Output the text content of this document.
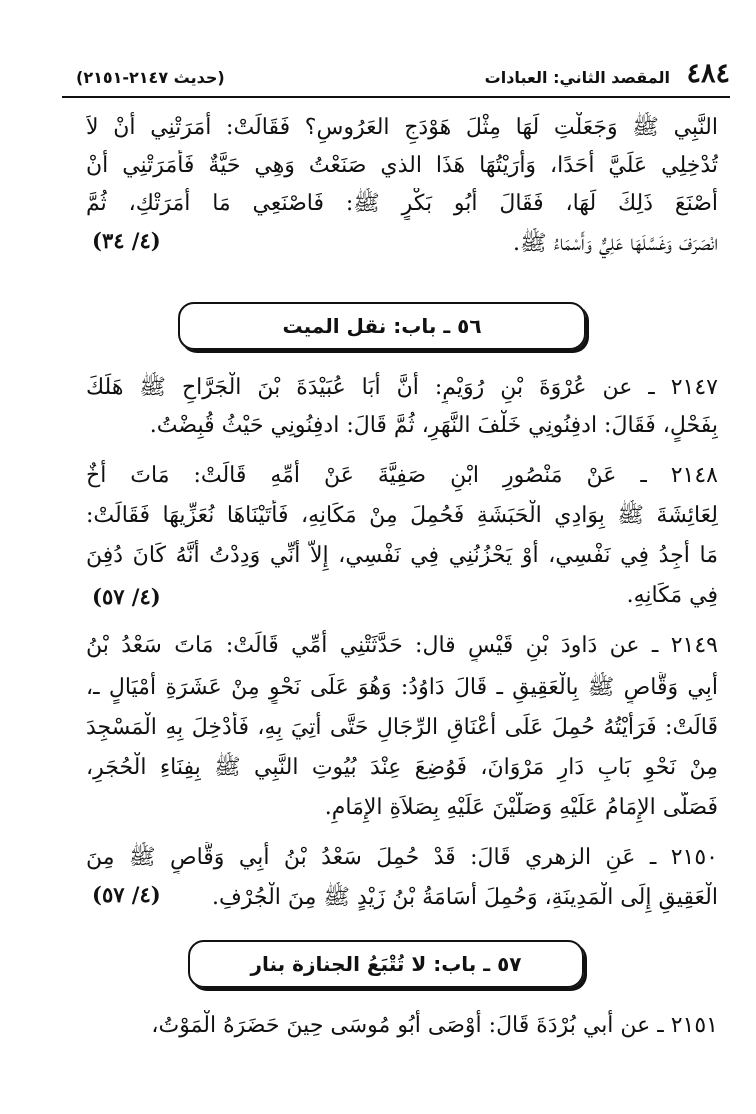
٤٨٤
المقصد الثاني: العبادات
(حديث ٢١٤٧-٢١٥١)
النَّبِي ﷺ وَجَعَلْتِ لَهَا مِثْلَ هَوْدَجِ العَرُوسِ؟ فَقَالَتْ: أَمَرَتْنِي أَنْ لاَ
تُدْخِلِي عَلَيَّ أَحَدًا، وَأَرَيْتُهَا هَذَا الذي صَنَعْتُ وَهِي حَيَّةٌ فَأَمَرَتْنِي أَنْ
أَصْنَعَ ذَلِكَ لَهَا، فَقَالَ أَبُو بَكْرٍ ﷺ: فَاصْنَعِي مَا أَمَرَتْكِ، ثُمَّ
انْصَرَفَ وَغَسَّلَهَا عَلِيٌّ وَأَسْمَاءُ ﷺ.
(٤/ ٣٤)
٥٦ ـ باب: نقل الميت
٢١٤٧ ـ عن عُرْوَةَ بْنِ رُوَيْمٍ: أَنَّ أَبَا عُبَيْدَةَ بْنَ الْجَرَّاحِ ﷺ هَلَكَ
بِفَحْلٍ، فَقَالَ: ادفِنُونِي خَلْفَ النَّهَرِ، ثُمَّ قَالَ: ادفِنُونِي حَيْثُ قُبِضْتُ.
٢١٤٨ ـ عَنْ مَنْصُورِ ابْنِ صَفِيَّةَ عَنْ أُمِّهِ قَالَتْ: مَاتَ أَخٌ
لِعَائِشَةَ ﷺ بِوَادِي الْحَبَشَةِ فَحُمِلَ مِنْ مَكَانِهِ، فَأَتَيْنَاهَا نُعَزِّيهَا فَقَالَتْ:
مَا أَجِدُ فِي نَفْسِي، أَوْ يَحْزُنُنِي فِي نَفْسِي، إِلاَّ أَنِّي وَدِدْتُ أَنَّهُ كَانَ دُفِنَ
فِي مَكَانِهِ.
(٤/ ٥٧)
٢١٤٩ ـ عن دَاودَ بْنِ قَيْسٍ قال: حَدَّثَتْنِي أُمِّي قَالَتْ: مَاتَ سَعْدُ بْنُ
أَبِي وَقَّاصٍ ﷺ بِالْعَقِيقِ ـ قَالَ دَاوُدُ: وَهُوَ عَلَى نَحْوٍ مِنْ عَشَرَةِ أَمْيَالٍ ـ،
قَالَتْ: فَرَأَيْتُهُ حُمِلَ عَلَى أَعْنَاقِ الرِّجَالِ حَتَّى أُتِيَ بِهِ، فَأُدْخِلَ بِهِ الْمَسْجِدَ
مِنْ نَحْوِ بَابِ دَارِ مَرْوَانَ، فَوُضِعَ عِنْدَ بُيُوتِ النَّبِي ﷺ بِفِنَاءِ الْحُجَرِ،
فَصَلَّى الإِمَامُ عَلَيْهِ وَصَلَّيْنَ عَلَيْهِ بِصَلاَةِ الإِمَامِ.
٢١٥٠ ـ عَنِ الزهري قَالَ: قَدْ حُمِلَ سَعْدُ بْنُ أَبِي وَقَّاصٍ ﷺ مِنَ
الْعَقِيقِ إِلَى الْمَدِينَةِ، وَحُمِلَ أُسَامَةُ بْنُ زَيْدٍ ﷺ مِنَ الْجُرْفِ.
(٤/ ٥٧)
٥٧ ـ باب: لا تُتْبَعُ الجنازة بنار
٢١٥١ ـ عن أبي بُرْدَةَ قَالَ: أَوْصَى أَبُو مُوسَى حِينَ حَضَرَهُ الْمَوْتُ،
